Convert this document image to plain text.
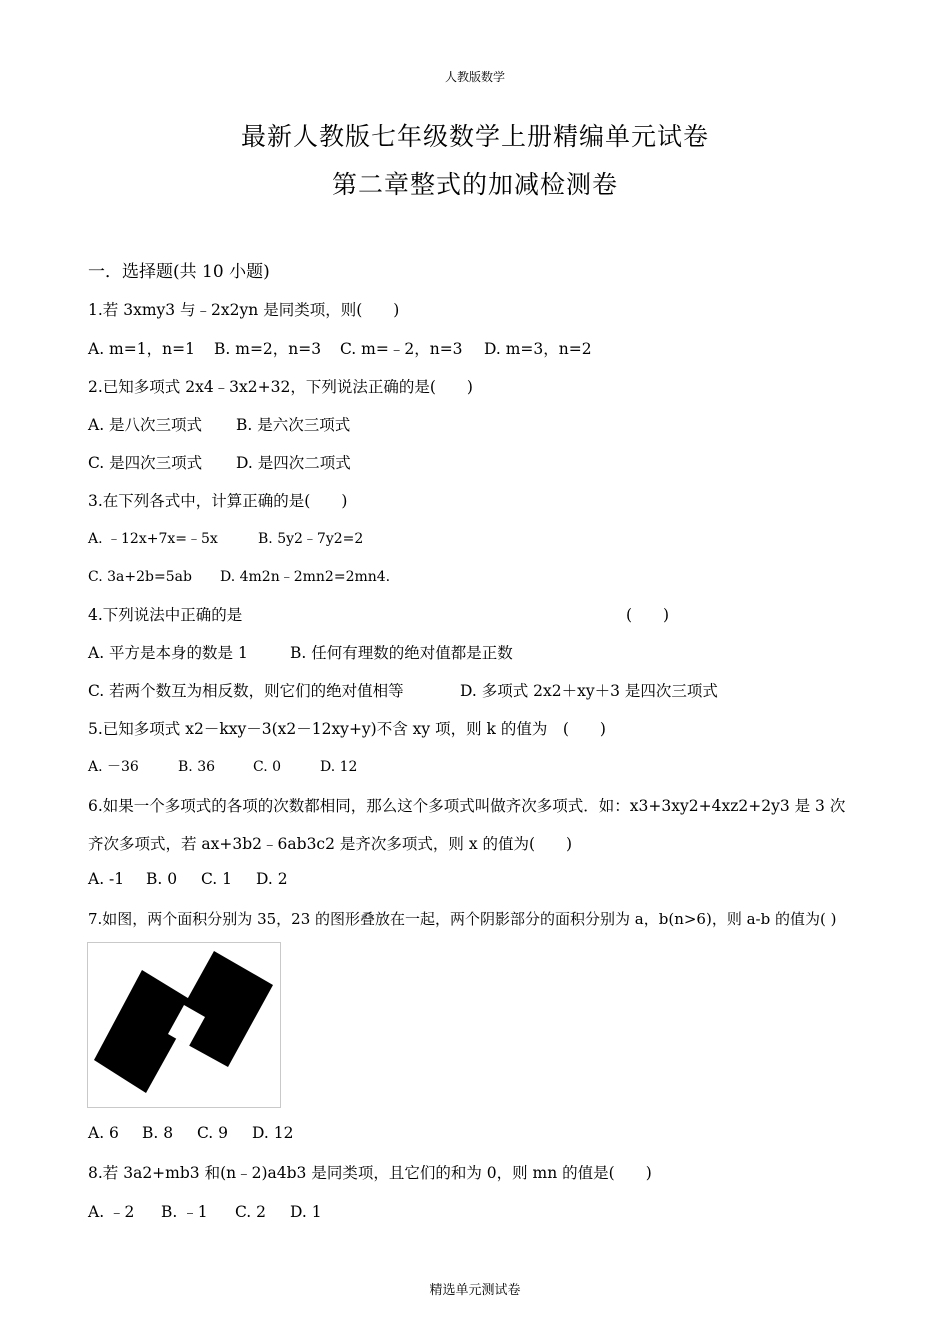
人教版数学
最新人教版七年级数学上册精编单元试卷
第二章整式的加减检测卷
一．选择题(共 10 小题)
1.若 3xmy3 与﹣2x2yn 是同类项，则(　　)
A. m=1，n=1 B. m=2，n=3 C. m=﹣2，n=3 D. m=3，n=2
2.已知多项式 2x4﹣3x2+32，下列说法正确的是(　　)
A. 是八次三项式 B. 是六次三项式
C. 是四次三项式 D. 是四次二项式
3.在下列各式中，计算正确的是(　　)
A. ﹣12x+7x=﹣5x	B. 5y2﹣7y2=2
C. 3a+2b=5ab D. 4m2n﹣2mn2=2mn4.
4.下列说法中正确的是	(　　)
A. 平方是本身的数是 1	B. 任何有理数的绝对值都是正数
C. 若两个数互为相反数，则它们的绝对值相等	D. 多项式 2x2＋xy＋3 是四次三项式
5.已知多项式 x2－kxy－3(x2－12xy+y)不含 xy 项，则 k 的值为　(　　)
A. －36	B. 36	C. 0	D. 12
6.如果一个多项式的各项的次数都相同，那么这个多项式叫做齐次多项式．如：x3+3xy2+4xz2+2y3 是 3 次
齐次多项式，若 ax+3b2﹣6ab3c2 是齐次多项式，则 x 的值为(　　)
A. -1 B. 0 C. 1 D. 2
7.如图，两个面积分别为 35，23 的图形叠放在一起，两个阴影部分的面积分别为 a，b(n>6)，则 a-b 的值为( )
A. 6 B. 8 C. 9 D. 12
8.若 3a2+mb3 和(n﹣2)a4b3 是同类项，且它们的和为 0，则 mn 的值是(　　)
A. ﹣2 B. ﹣1 C. 2 D. 1
精选单元测试卷
